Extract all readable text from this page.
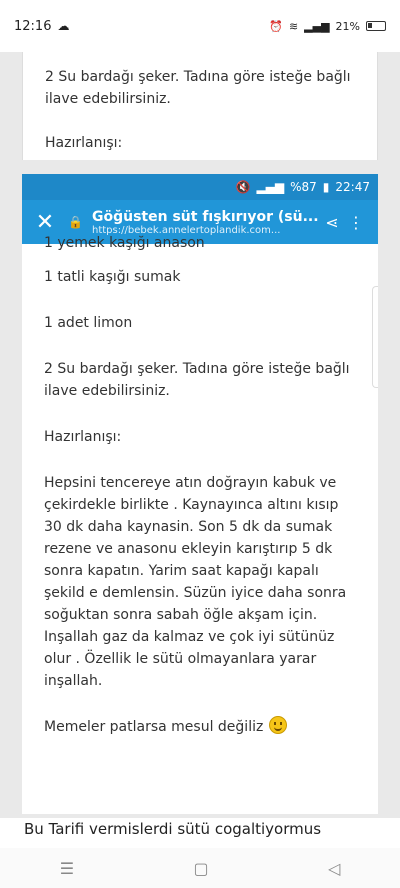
12:16 ☁	⏰ ≋ ▂▄▆ 21%

2 Su bardağı şeker. Tadına göre isteğe bağlı ilave edebilirsiniz.

Hazırlanışı:

🔇 ▂▄▆ %87 ▮ 22:47
✕	🔒 Göğüsten süt fışkırıyor (sü...
https://bebek.annelertoplandik.com...	⋖ ⋮
1 yemek kaşığı anason

1 tatli kaşığı sumak

1 adet limon

2 Su bardağı şeker. Tadına göre isteğe bağlı ilave edebilirsiniz.

Hazırlanışı:

Hepsini tencereye atın doğrayın kabuk ve çekirdekle birlikte . Kaynayınca altını kısıp 30 dk daha kaynasin. Son 5 dk da sumak rezene ve anasonu ekleyin karıştırıp 5 dk sonra kapatın. Yarim saat kapağı kapalı şekild e demlensin. Süzün iyice daha sonra soğuktan sonra sabah öğle akşam için. Inşallah gaz da kalmaz ve çok iyi sütünüz olur . Özellik le sütü olmayanlara yarar inşallah.

Memeler patlarsa mesul değiliz

Bu Tarifi vermislerdi sütü cogaltiyormus
☰	▢	◁
